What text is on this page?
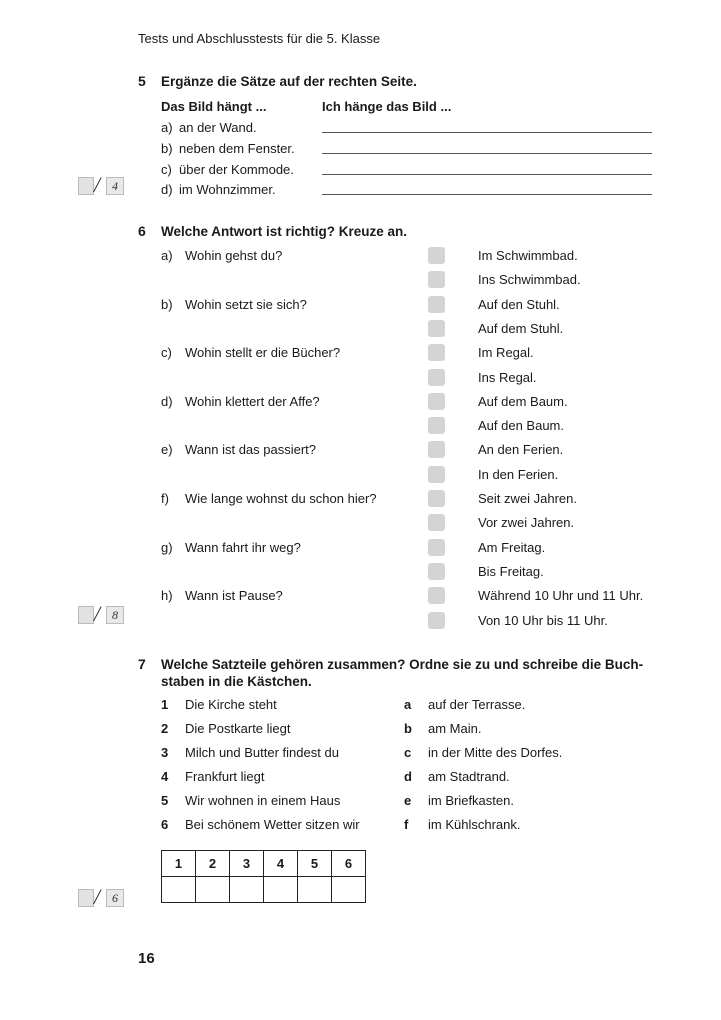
Tests und Abschlusstests für die 5. Klasse
5 Ergänze die Sätze auf der rechten Seite.
Das Bild hängt ...	Ich hänge das Bild ...
a) an der Wand.
b) neben dem Fenster.
c) über der Kommode.
d) im Wohnzimmer.
/ 4
6 Welche Antwort ist richtig? Kreuze an.
a) Wohin gehst du?	Im Schwimmbad.
Ins Schwimmbad.
b) Wohin setzt sie sich?	Auf den Stuhl.
Auf dem Stuhl.
c) Wohin stellt er die Bücher?	Im Regal.
Ins Regal.
d) Wohin klettert der Affe?	Auf dem Baum.
Auf den Baum.
e) Wann ist das passiert?	An den Ferien.
In den Ferien.
f) Wie lange wohnst du schon hier?	Seit zwei Jahren.
Vor zwei Jahren.
g) Wann fahrt ihr weg?	Am Freitag.
Bis Freitag.
h) Wann ist Pause?	Während 10 Uhr und 11 Uhr.
Von 10 Uhr bis 11 Uhr.
/ 8
7 Welche Satzteile gehören zusammen? Ordne sie zu und schreibe die Buch-
staben in die Kästchen.
1 Die Kirche steht	a auf der Terrasse.
2 Die Postkarte liegt	b am Main.
3 Milch und Butter findest du	c in der Mitte des Dorfes.
4 Frankfurt liegt	d am Stadtrand.
5 Wir wohnen in einem Haus	e im Briefkasten.
6 Bei schönem Wetter sitzen wir	f im Kühlschrank.
1	2	3	4	5	6

/ 6
16
